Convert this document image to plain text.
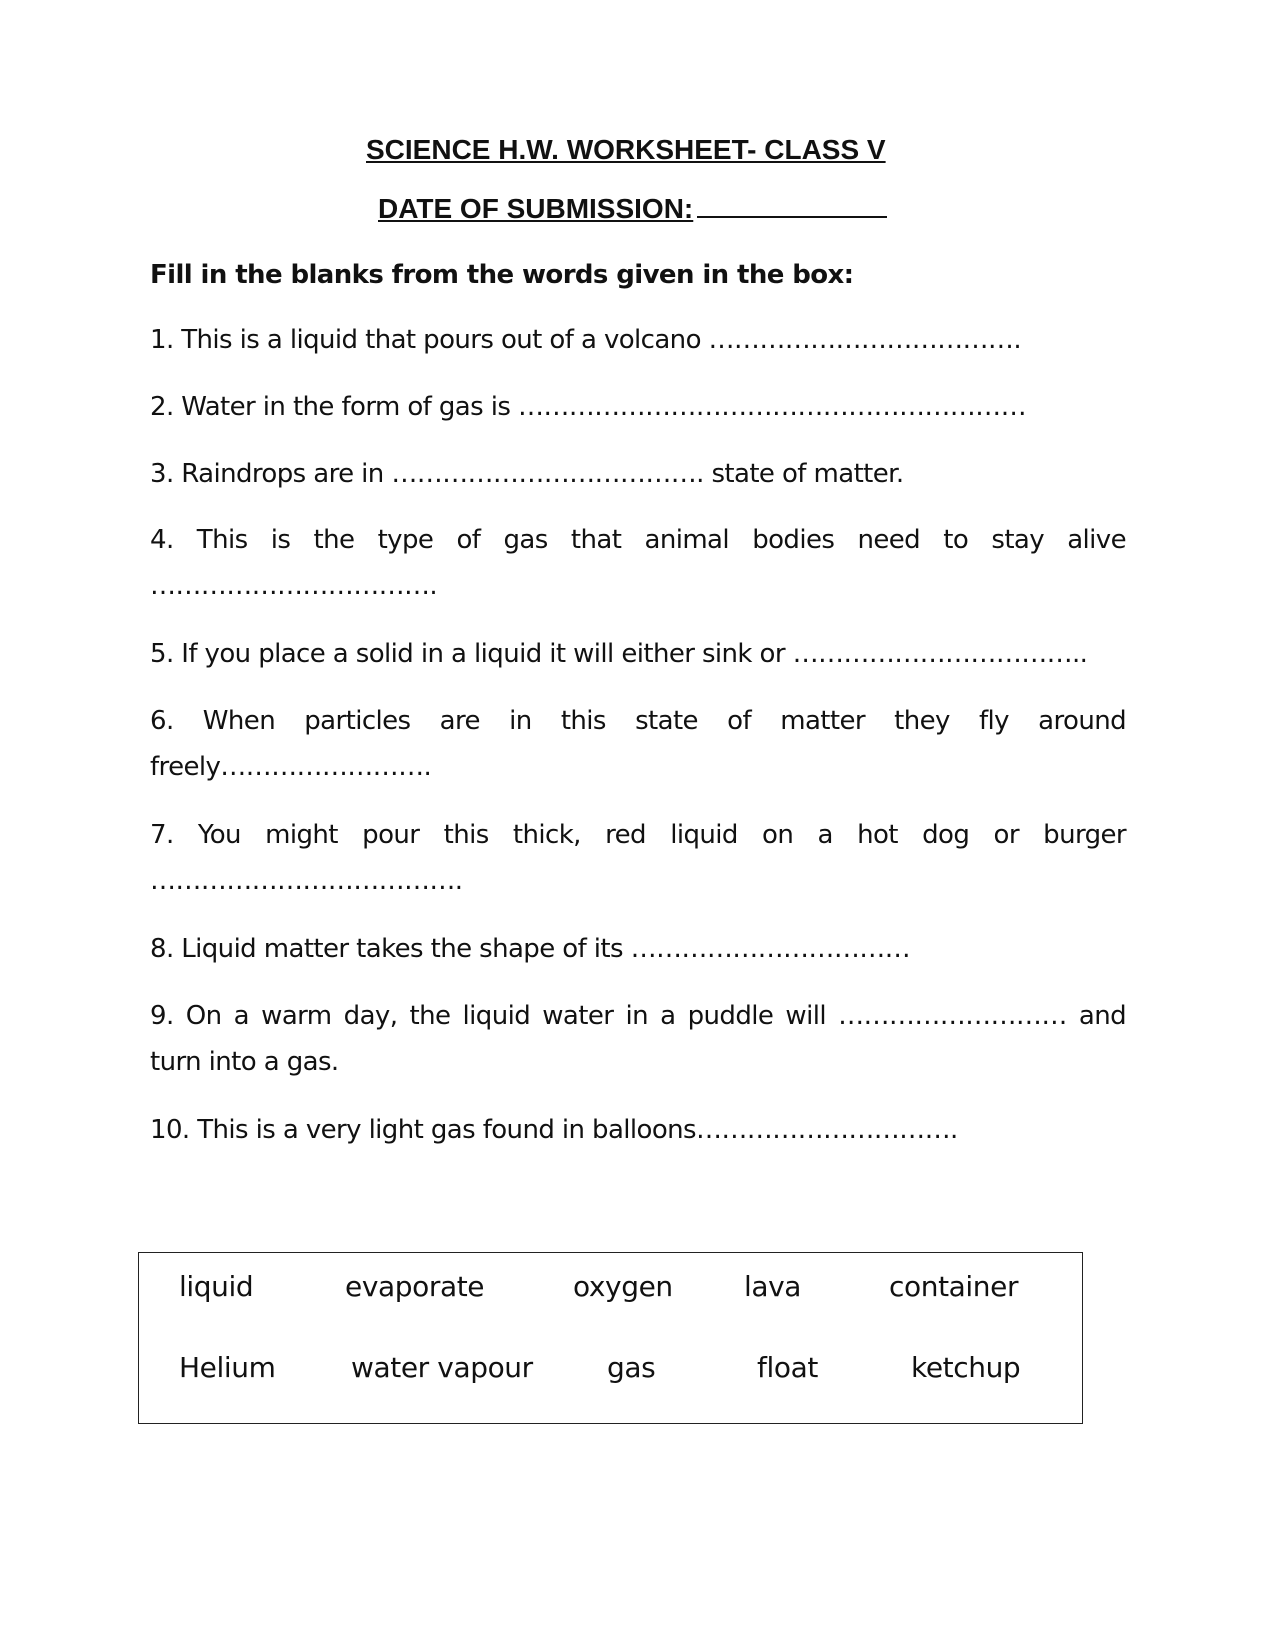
SCIENCE H.W. WORKSHEET- CLASS V
DATE OF SUBMISSION:
Fill in the blanks from the words given in the box:
1. This is a liquid that pours out of a volcano ……………………………….
2. Water in the form of gas is ……………………………………………………
3. Raindrops are in ………………………………. state of matter.
4. This is the type of gas that animal bodies need to stay alive
…………………………….
5. If you place a solid in a liquid it will either sink or ……………………………..
6. When particles are in this state of matter they fly around
freely…………………….
7. You might pour this thick, red liquid on a hot dog or burger
……………………………….
8. Liquid matter takes the shape of its ……………………………
9. On a warm day, the liquid water in a puddle will ……………………… and
turn into a gas.
10. This is a very light gas found in balloons………………………….
liquid	evaporate	oxygen	lava	container
Helium	water vapour	gas	float	ketchup
